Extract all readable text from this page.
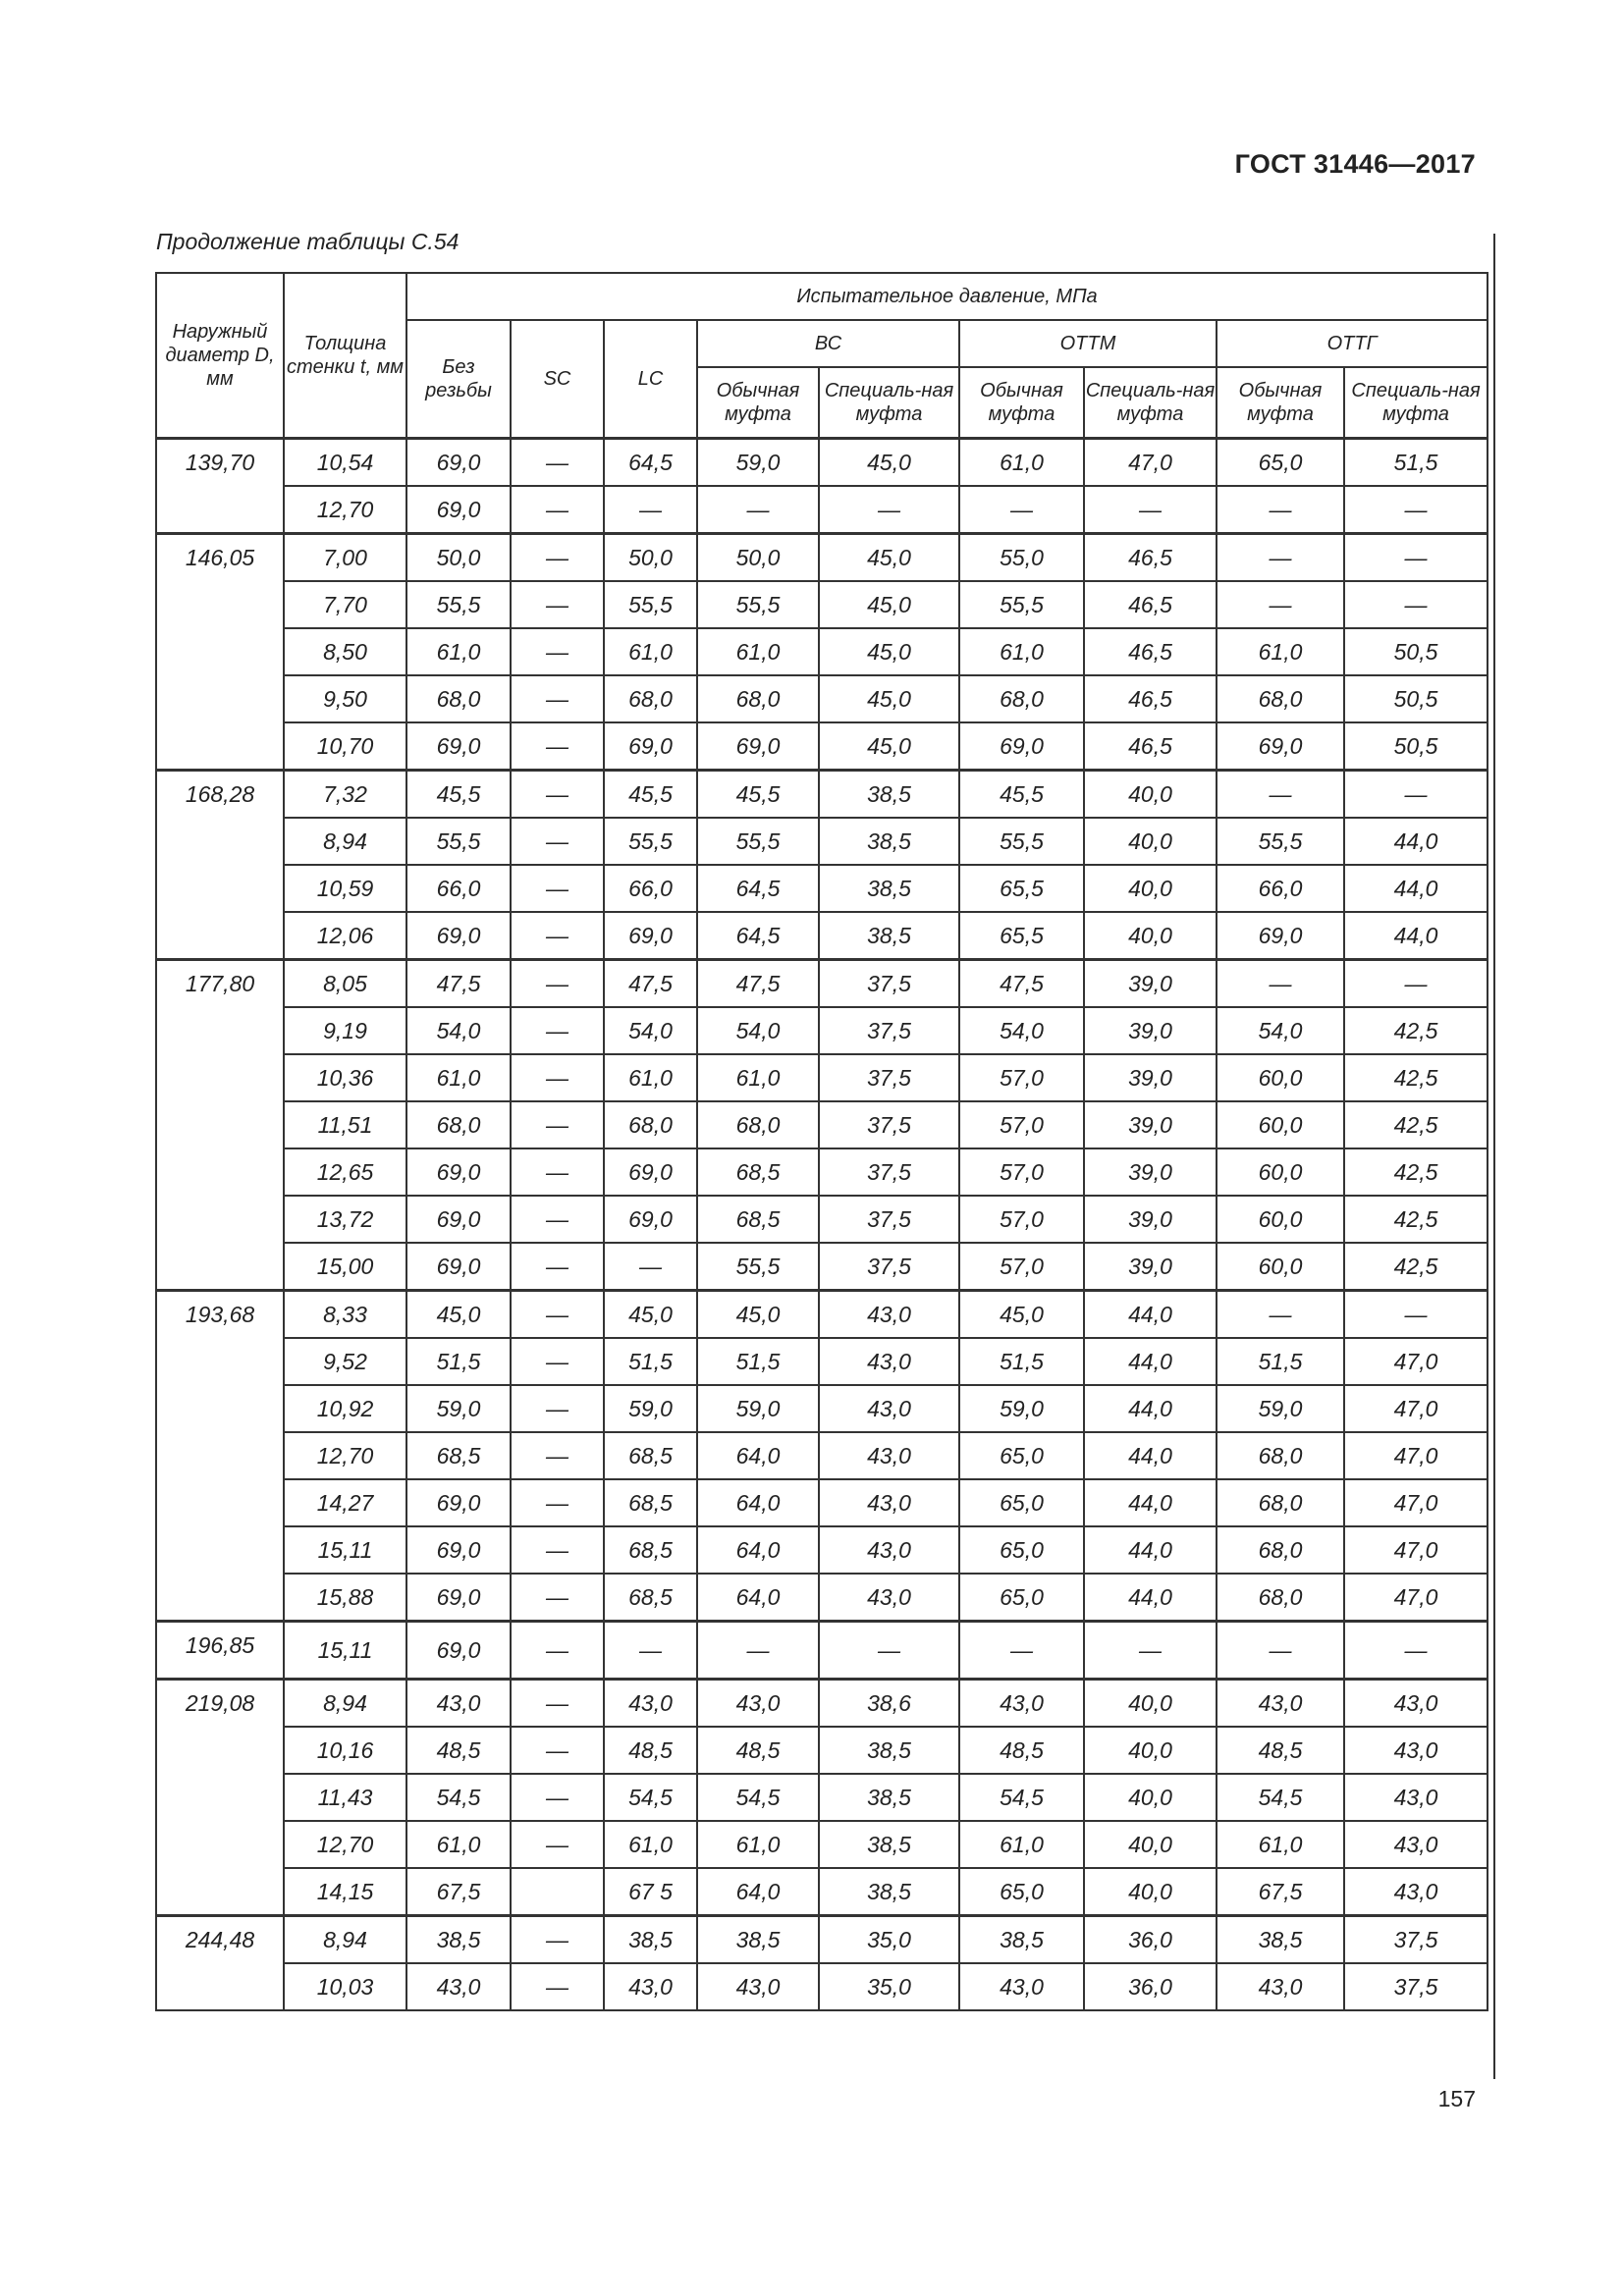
ГОСТ 31446—2017
Продолжение таблицы С.54
Наружный диаметр D, мм	Толщина стенки t, мм	Испытательное давление, МПа								
		Без резьбы	SC	LC	ВС		ОТТМ		ОТТГ	
					Обычная муфта	Специаль-ная муфта	Обычная муфта	Специаль-ная муфта	Обычная муфта	Специаль-ная муфта
139,70	10,54	69,0	—	64,5	59,0	45,0	61,0	47,0	65,0	51,5
	12,70	69,0	—	—	—	—	—	—	—	—
146,05	7,00	50,0	—	50,0	50,0	45,0	55,0	46,5	—	—
	7,70	55,5	—	55,5	55,5	45,0	55,5	46,5	—	—
	8,50	61,0	—	61,0	61,0	45,0	61,0	46,5	61,0	50,5
	9,50	68,0	—	68,0	68,0	45,0	68,0	46,5	68,0	50,5
	10,70	69,0	—	69,0	69,0	45,0	69,0	46,5	69,0	50,5
168,28	7,32	45,5	—	45,5	45,5	38,5	45,5	40,0	—	—
	8,94	55,5	—	55,5	55,5	38,5	55,5	40,0	55,5	44,0
	10,59	66,0	—	66,0	64,5	38,5	65,5	40,0	66,0	44,0
	12,06	69,0	—	69,0	64,5	38,5	65,5	40,0	69,0	44,0
177,80	8,05	47,5	—	47,5	47,5	37,5	47,5	39,0	—	—
	9,19	54,0	—	54,0	54,0	37,5	54,0	39,0	54,0	42,5
	10,36	61,0	—	61,0	61,0	37,5	57,0	39,0	60,0	42,5
	11,51	68,0	—	68,0	68,0	37,5	57,0	39,0	60,0	42,5
	12,65	69,0	—	69,0	68,5	37,5	57,0	39,0	60,0	42,5
	13,72	69,0	—	69,0	68,5	37,5	57,0	39,0	60,0	42,5
	15,00	69,0	—	—	55,5	37,5	57,0	39,0	60,0	42,5
193,68	8,33	45,0	—	45,0	45,0	43,0	45,0	44,0	—	—
	9,52	51,5	—	51,5	51,5	43,0	51,5	44,0	51,5	47,0
	10,92	59,0	—	59,0	59,0	43,0	59,0	44,0	59,0	47,0
	12,70	68,5	—	68,5	64,0	43,0	65,0	44,0	68,0	47,0
	14,27	69,0	—	68,5	64,0	43,0	65,0	44,0	68,0	47,0
	15,11	69,0	—	68,5	64,0	43,0	65,0	44,0	68,0	47,0
	15,88	69,0	—	68,5	64,0	43,0	65,0	44,0	68,0	47,0
196,85	15,11	69,0	—	—	—	—	—	—	—	—
219,08	8,94	43,0	—	43,0	43,0	38,6	43,0	40,0	43,0	43,0
	10,16	48,5	—	48,5	48,5	38,5	48,5	40,0	48,5	43,0
	11,43	54,5	—	54,5	54,5	38,5	54,5	40,0	54,5	43,0
	12,70	61,0	—	61,0	61,0	38,5	61,0	40,0	61,0	43,0
	14,15	67,5		67 5	64,0	38,5	65,0	40,0	67,5	43,0
244,48	8,94	38,5	—	38,5	38,5	35,0	38,5	36,0	38,5	37,5
	10,03	43,0	—	43,0	43,0	35,0	43,0	36,0	43,0	37,5
157
